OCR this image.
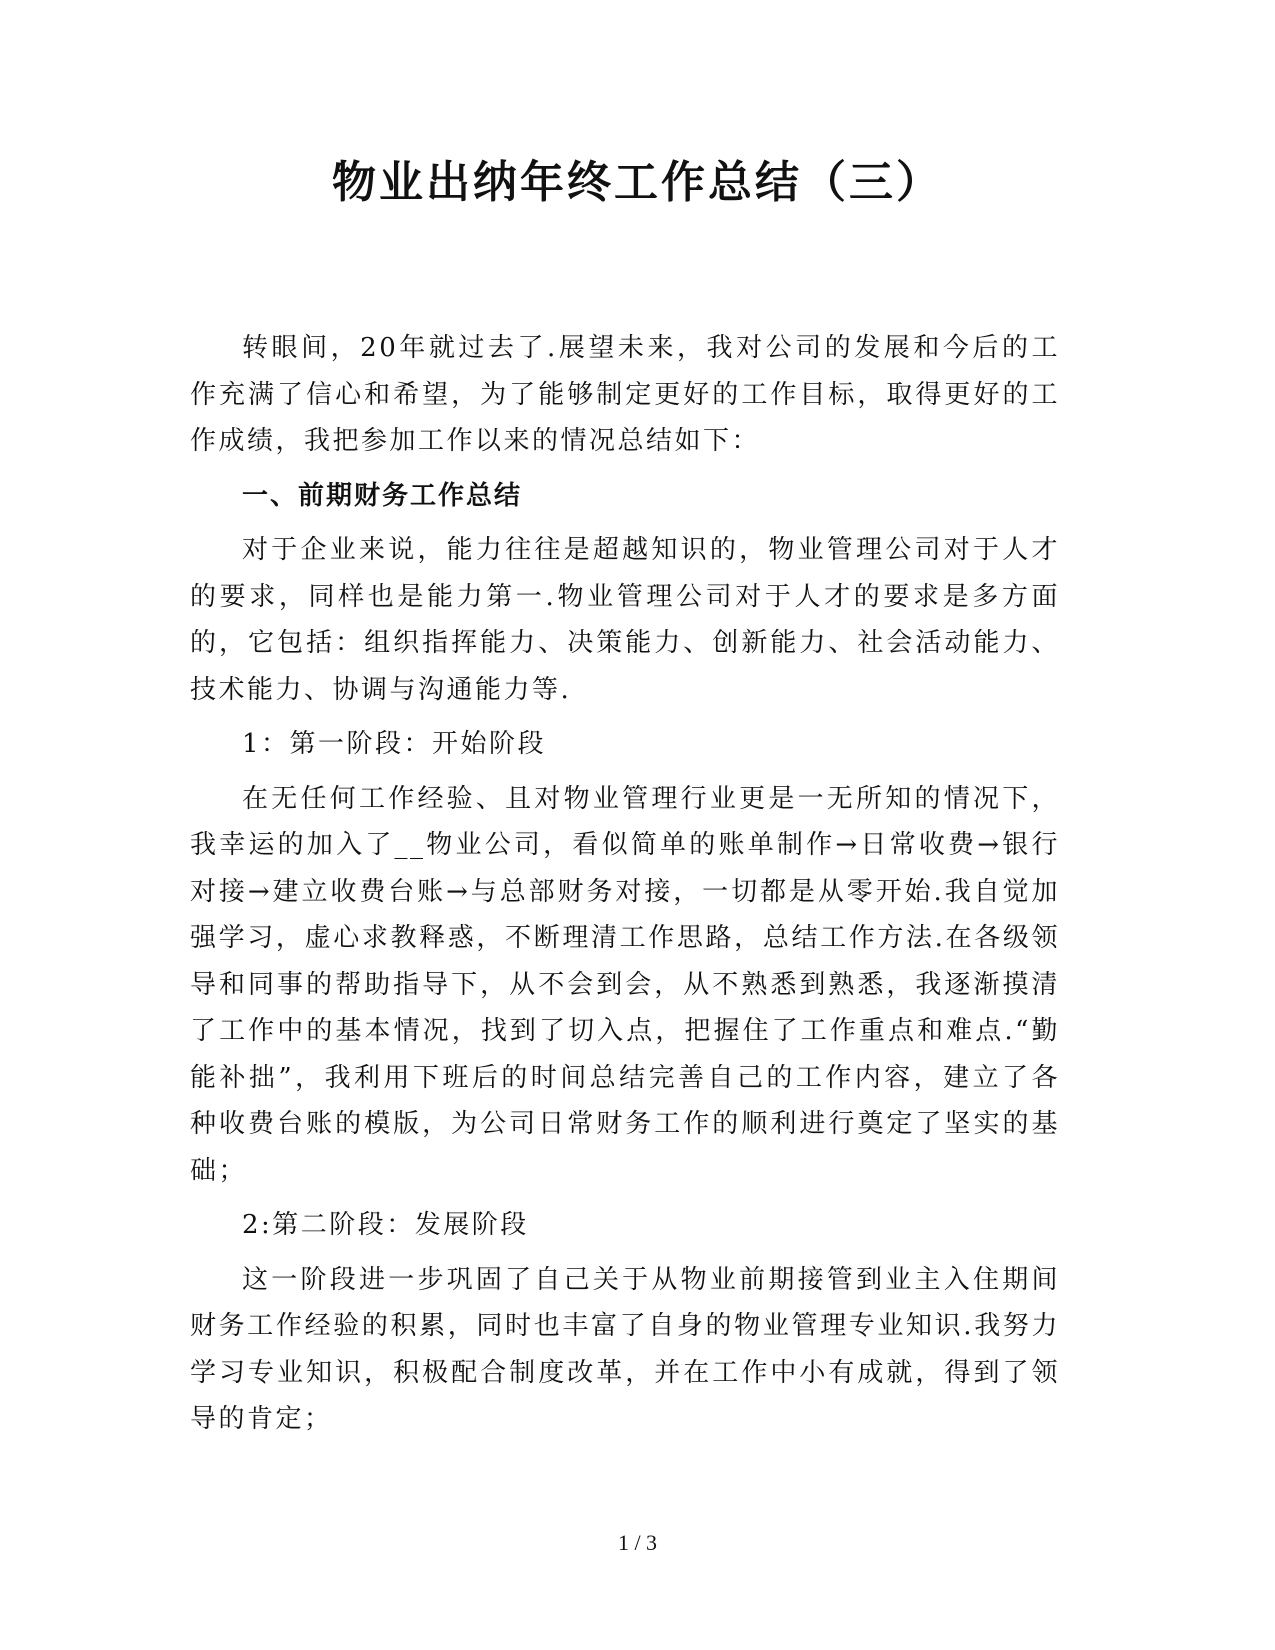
物业出纳年终工作总结（三）

转眼间，20年就过去了.展望未来，我对公司的发展和今后的工作充满了信心和希望，为了能够制定更好的工作目标，取得更好的工作成绩，我把参加工作以来的情况总结如下：

一、前期财务工作总结

对于企业来说，能力往往是超越知识的，物业管理公司对于人才的要求，同样也是能力第一.物业管理公司对于人才的要求是多方面的，它包括：组织指挥能力、决策能力、创新能力、社会活动能力、技术能力、协调与沟通能力等.

1：第一阶段：开始阶段

在无任何工作经验、且对物业管理行业更是一无所知的情况下，我幸运的加入了__物业公司，看似简单的账单制作→日常收费→银行对接→建立收费台账→与总部财务对接，一切都是从零开始.我自觉加强学习，虚心求教释惑，不断理清工作思路，总结工作方法.在各级领导和同事的帮助指导下，从不会到会，从不熟悉到熟悉，我逐渐摸清了工作中的基本情况，找到了切入点，把握住了工作重点和难点.“勤能补拙”，我利用下班后的时间总结完善自己的工作内容，建立了各种收费台账的模版，为公司日常财务工作的顺利进行奠定了坚实的基础；

2:第二阶段：发展阶段

这一阶段进一步巩固了自己关于从物业前期接管到业主入住期间财务工作经验的积累，同时也丰富了自身的物业管理专业知识.我努力学习专业知识，积极配合制度改革，并在工作中小有成就，得到了领导的肯定；

1 / 3
